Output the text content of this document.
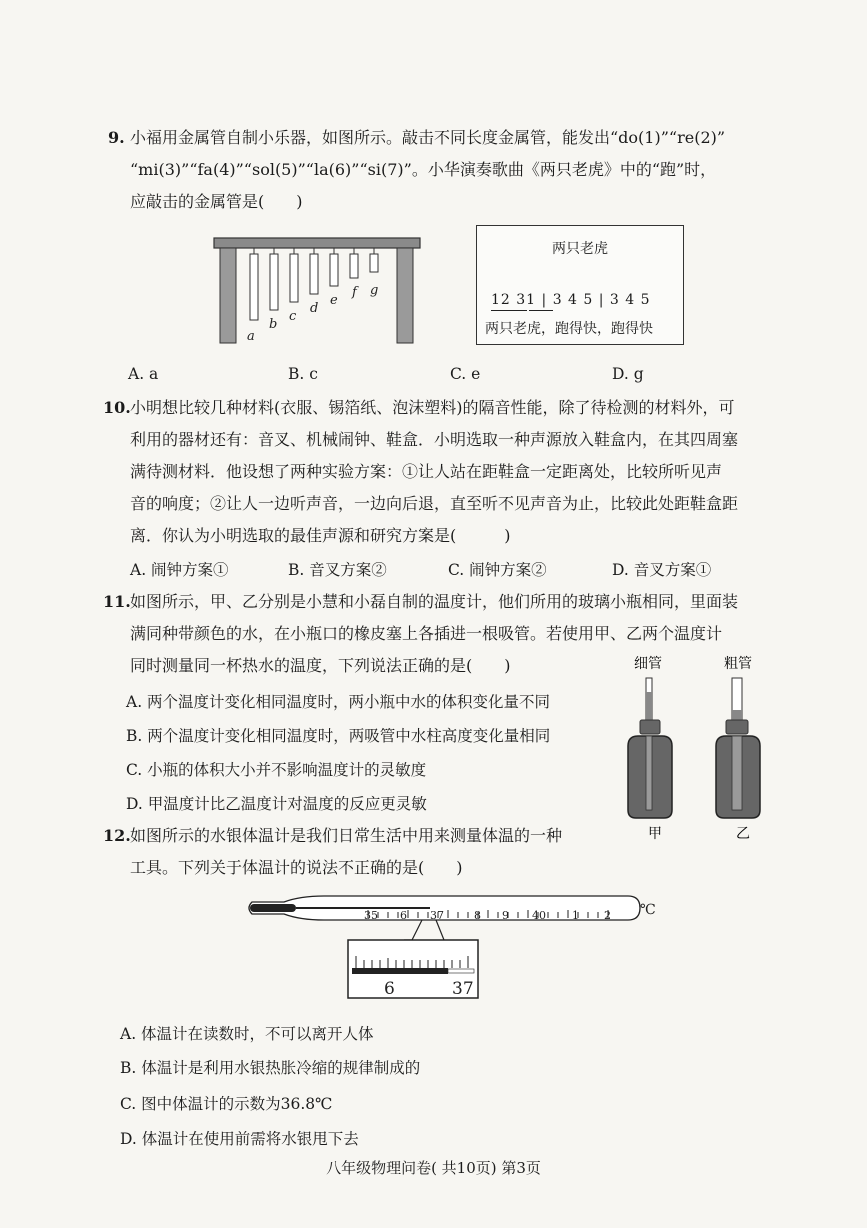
9. 小福用金属管自制小乐器，如图所示。敲击不同长度金属管，能发出“do(1)”“re(2)”
“mi(3)”“fa(4)”“sol(5)”“la(6)”“si(7)”。小华演奏歌曲《两只老虎》中的“跑”时，
应敲击的金属管是(　　)
a
b
c
d
e
f g
两只老虎
12 31 | 3 4 5 | 3 4 5
两只老虎，跑得快，跑得快
A. a	B. c	C. e	D. g
10. 小明想比较几种材料(衣服、锡箔纸、泡沫塑料)的隔音性能，除了待检测的材料外，可
利用的器材还有：音叉、机械闹钟、鞋盒．小明选取一种声源放入鞋盒内，在其四周塞
满待测材料．他设想了两种实验方案：①让人站在距鞋盒一定距离处，比较所听见声
音的响度；②让人一边听声音，一边向后退，直至听不见声音为止，比较此处距鞋盒距
离．你认为小明选取的最佳声源和研究方案是(　　　)
A. 闹钟方案①	B. 音叉方案②	C. 闹钟方案②	D. 音叉方案①
11. 如图所示，甲、乙分别是小慧和小磊自制的温度计，他们所用的玻璃小瓶相同，里面装
满同种带颜色的水，在小瓶口的橡皮塞上各插进一根吸管。若使用甲、乙两个温度计
同时测量同一杯热水的温度，下列说法正确的是(　　)
A. 两个温度计变化相同温度时，两小瓶中水的体积变化量不同
B. 两个温度计变化相同温度时，两吸管中水柱高度变化量相同
C. 小瓶的体积大小并不影响温度计的灵敏度
D. 甲温度计比乙温度计对温度的反应更灵敏
细管	粗管
甲	乙
12. 如图所示的水银体温计是我们日常生活中用来测量体温的一种
工具。下列关于体温计的说法不正确的是(　　)
35 6 37	8 9 40 1 2 ℃
6	37
A. 体温计在读数时，不可以离开人体
B. 体温计是利用水银热胀冷缩的规律制成的
C. 图中体温计的示数为36.8℃
D. 体温计在使用前需将水银甩下去
八年级物理问卷( 共10页) 第3页
